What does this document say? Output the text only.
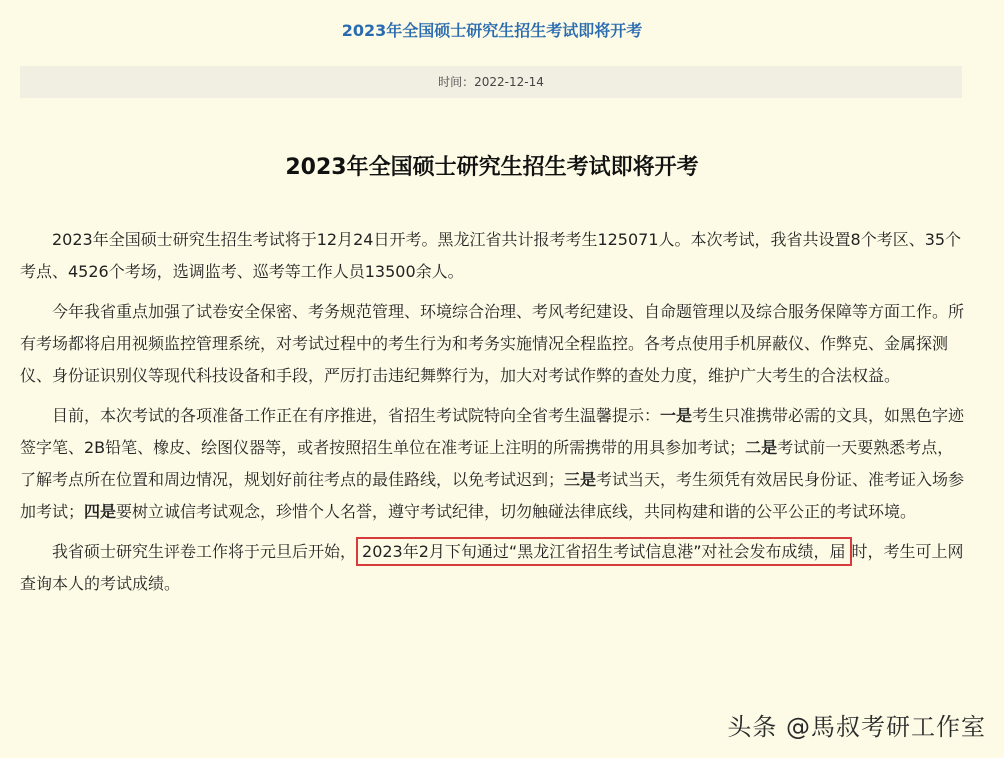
2023年全国硕士研究生招生考试即将开考
时间：2022-12-14
2023年全国硕士研究生招生考试即将开考

2023年全国硕士研究生招生考试将于12月24日开考。黑龙江省共计报考考生125071人。本次考试，我省共设置8个考区、35个考点、4526个考场，选调监考、巡考等工作人员13500余人。

今年我省重点加强了试卷安全保密、考务规范管理、环境综合治理、考风考纪建设、自命题管理以及综合服务保障等方面工作。所有考场都将启用视频监控管理系统，对考试过程中的考生行为和考务实施情况全程监控。各考点使用手机屏蔽仪、作弊克、金属探测仪、身份证识别仪等现代科技设备和手段，严厉打击违纪舞弊行为，加大对考试作弊的查处力度，维护广大考生的合法权益。

目前，本次考试的各项准备工作正在有序推进，省招生考试院特向全省考生温馨提示：一是考生只准携带必需的文具，如黑色字迹签字笔、2B铅笔、橡皮、绘图仪器等，或者按照招生单位在准考证上注明的所需携带的用具参加考试；二是考试前一天要熟悉考点，了解考点所在位置和周边情况，规划好前往考点的最佳路线，以免考试迟到；三是考试当天，考生须凭有效居民身份证、准考证入场参加考试；四是要树立诚信考试观念，珍惜个人名誉，遵守考试纪律，切勿触碰法律底线，共同构建和谐的公平公正的考试环境。

我省硕士研究生评卷工作将于元旦后开始， 2023年2月下旬通过“黑龙江省招生考试信息港”对社会发布成绩，届 时，考生可上网查询本人的考试成绩。

头条 @馬叔考研工作室
